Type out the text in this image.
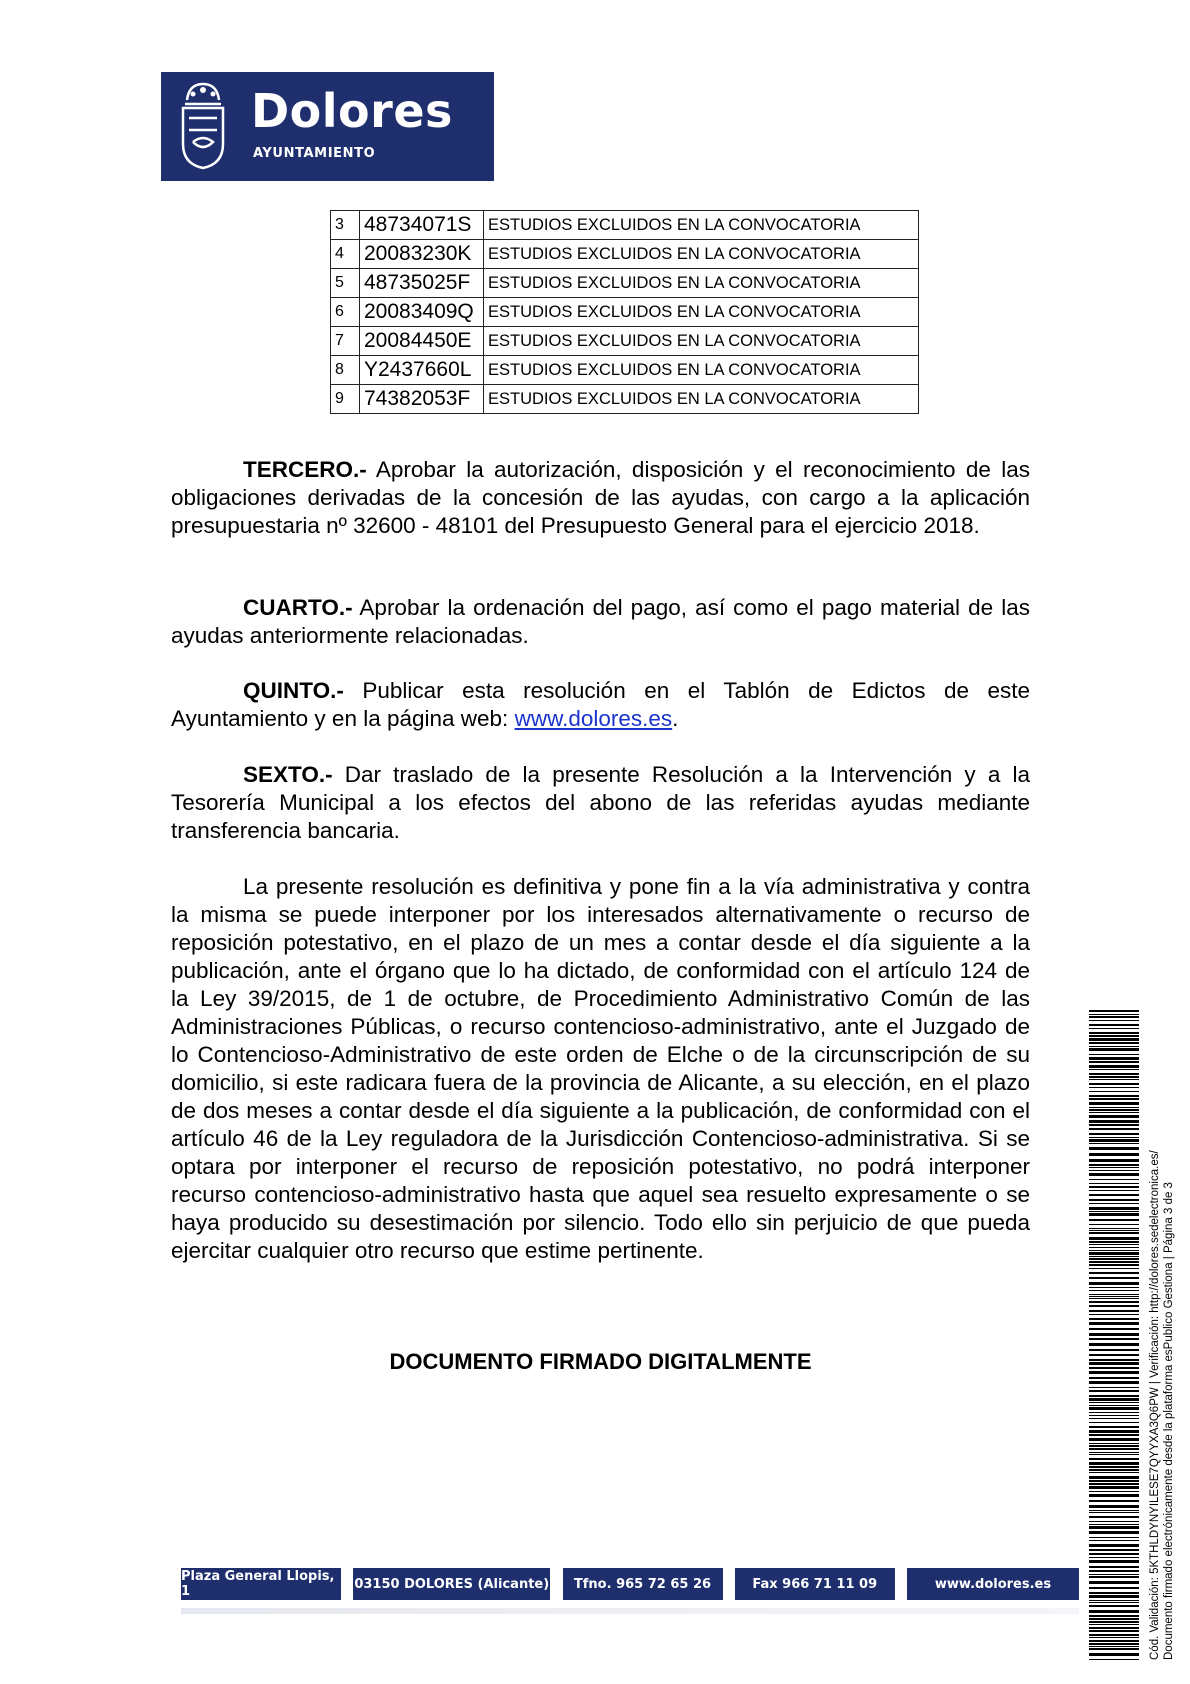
Dolores
AYUNTAMIENTO
3	48734071S	ESTUDIOS EXCLUIDOS EN LA CONVOCATORIA
4	20083230K	ESTUDIOS EXCLUIDOS EN LA CONVOCATORIA
5	48735025F	ESTUDIOS EXCLUIDOS EN LA CONVOCATORIA
6	20083409Q	ESTUDIOS EXCLUIDOS EN LA CONVOCATORIA
7	20084450E	ESTUDIOS EXCLUIDOS EN LA CONVOCATORIA
8	Y2437660L	ESTUDIOS EXCLUIDOS EN LA CONVOCATORIA
9	74382053F	ESTUDIOS EXCLUIDOS EN LA CONVOCATORIA
TERCERO.- Aprobar la autorización, disposición y el reconocimiento de las obligaciones derivadas de la concesión de las ayudas, con cargo a la aplicación presupuestaria nº 32600 - 48101 del Presupuesto General para el ejercicio 2018.
CUARTO.- Aprobar la ordenación del pago, así como el pago material de las ayudas anteriormente relacionadas.
QUINTO.- Publicar esta resolución en el Tablón de Edictos de este Ayuntamiento y en la página web: www.dolores.es.
SEXTO.- Dar traslado de la presente Resolución a la Intervención y a la Tesorería Municipal a los efectos del abono de las referidas ayudas mediante transferencia bancaria.
La presente resolución es definitiva y pone fin a la vía administrativa y contra la misma se puede interponer por los interesados alternativamente o recurso de reposición potestativo, en el plazo de un mes a contar desde el día siguiente a la publicación, ante el órgano que lo ha dictado, de conformidad con el artículo 124 de la Ley 39/2015, de 1 de octubre, de Procedimiento Administrativo Común de las Administraciones Públicas, o recurso contencioso-administrativo, ante el Juzgado de lo Contencioso-Administrativo de este orden de Elche o de la circunscripción de su domicilio, si este radicara fuera de la provincia de Alicante, a su elección, en el plazo de dos meses a contar desde el día siguiente a la publicación, de conformidad con el artículo 46 de la Ley reguladora de la Jurisdicción Contencioso-administrativa. Si se optara por interponer el recurso de reposición potestativo, no podrá interponer recurso contencioso-administrativo hasta que aquel sea resuelto expresamente o se haya producido su desestimación por silencio. Todo ello sin perjuicio de que pueda ejercitar cualquier otro recurso que estime pertinente.
DOCUMENTO FIRMADO DIGITALMENTE
Plaza General Llopis, 1	03150 DOLORES (Alicante)	Tfno. 965 72 65 26	Fax 966 71 11 09	www.dolores.es	Cód. Validación: 5KTHLDYNYILESE7QYYXA3Q6PW | Verificación: http://dolores.sedelectronica.es/ Documento firmado electrónicamente desde la plataforma esPublico Gestiona | Página 3 de 3
